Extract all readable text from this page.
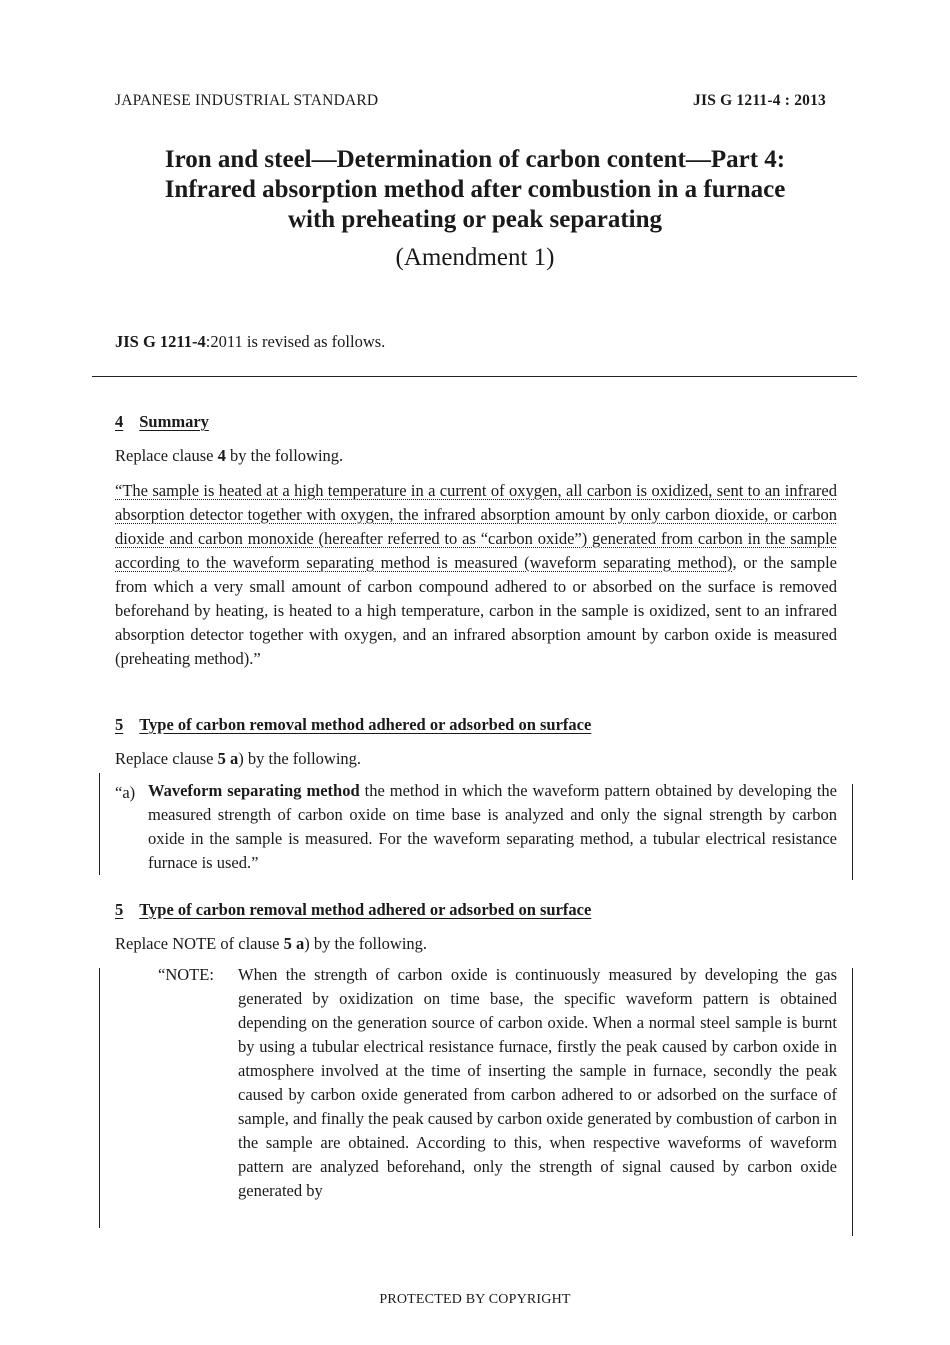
JAPANESE INDUSTRIAL STANDARD	JIS G 1211-4 : 2013
Iron and steel—Determination of carbon content—Part 4:
Infrared absorption method after combustion in a furnace
with preheating or peak separating
(Amendment 1)
JIS G 1211-4:2011 is revised as follows.
4 Summary
Replace clause 4 by the following.
“The sample is heated at a high temperature in a current of oxygen, all carbon is oxidized, sent to an infrared absorption detector together with oxygen, the infrared absorption amount by only carbon dioxide, or carbon dioxide and carbon monoxide (hereafter referred to as “carbon oxide”) generated from carbon in the sample according to the waveform separating method is measured (waveform separating method), or the sample from which a very small amount of carbon compound adhered to or absorbed on the surface is removed beforehand by heating, is heated to a high temperature, carbon in the sample is oxidized, sent to an infrared absorption detector together with oxygen, and an infrared absorption amount by carbon oxide is measured (preheating method).”
5 Type of carbon removal method adhered or adsorbed on surface
Replace clause 5 a) by the following.
“a) Waveform separating method the method in which the waveform pattern obtained by developing the measured strength of carbon oxide on time base is analyzed and only the signal strength by carbon oxide in the sample is measured. For the waveform separating method, a tubular electrical resistance furnace is used.”
5 Type of carbon removal method adhered or adsorbed on surface
Replace NOTE of clause 5 a) by the following.
“NOTE: When the strength of carbon oxide is continuously measured by developing the gas generated by oxidization on time base, the specific waveform pattern is obtained depending on the generation source of carbon oxide. When a normal steel sample is burnt by using a tubular electrical resistance furnace, firstly the peak caused by carbon oxide in atmosphere involved at the time of inserting the sample in furnace, secondly the peak caused by carbon oxide generated from carbon adhered to or adsorbed on the surface of sample, and finally the peak caused by carbon oxide generated by combustion of carbon in the sample are obtained. According to this, when respective waveforms of waveform pattern are analyzed beforehand, only the strength of signal caused by carbon oxide generated by
PROTECTED BY COPYRIGHT
